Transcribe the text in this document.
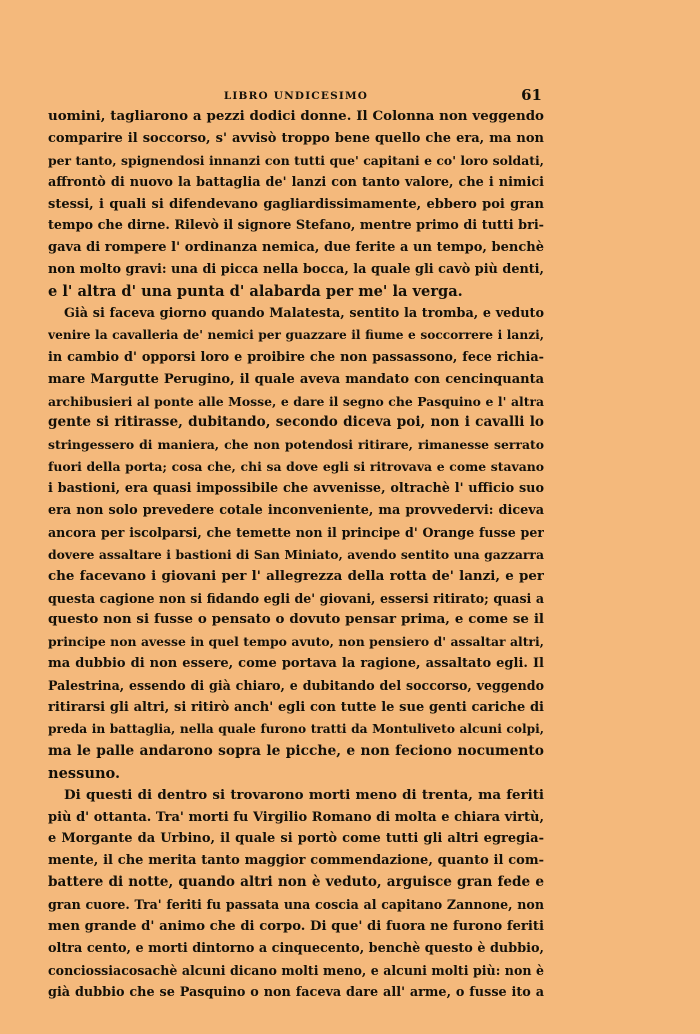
LIBRO UNDICESIMO	61
uomini, tagliarono a pezzi dodici donne. Il Colonna non veggendo
comparire il soccorso, s' avvisò troppo bene quello che era, ma non
per tanto, spignendosi innanzi con tutti que' capitani e co' loro soldati,
affrontò di nuovo la battaglia de' lanzi con tanto valore, che i nimici
stessi, i quali si difendevano gagliardissimamente, ebbero poi gran
tempo che dirne. Rilevò il signore Stefano, mentre primo di tutti bri-
gava di rompere l' ordinanza nemica, due ferite a un tempo, benchè
non molto gravi: una di picca nella bocca, la quale gli cavò più denti,
e l' altra d' una punta d' alabarda per me' la verga.
Già si faceva giorno quando Malatesta, sentito la tromba, e veduto
venire la cavalleria de' nemici per guazzare il fiume e soccorrere i lanzi,
in cambio d' opporsi loro e proibire che non passassono, fece richia-
mare Margutte Perugino, il quale aveva mandato con cencinquanta
archibusieri al ponte alle Mosse, e dare il segno che Pasquino e l' altra
gente si ritirasse, dubitando, secondo diceva poi, non i cavalli lo
stringessero di maniera, che non potendosi ritirare, rimanesse serrato
fuori della porta; cosa che, chi sa dove egli si ritrovava e come stavano
i bastioni, era quasi impossibile che avvenisse, oltrachè l' ufficio suo
era non solo prevedere cotale inconveniente, ma provvedervi: diceva
ancora per iscolparsi, che temette non il principe d' Orange fusse per
dovere assaltare i bastioni di San Miniato, avendo sentito una gazzarra
che facevano i giovani per l' allegrezza della rotta de' lanzi, e per
questa cagione non si fidando egli de' giovani, essersi ritirato; quasi a
questo non si fusse o pensato o dovuto pensar prima, e come se il
principe non avesse in quel tempo avuto, non pensiero d' assaltar altri,
ma dubbio di non essere, come portava la ragione, assaltato egli. Il
Palestrina, essendo di già chiaro, e dubitando del soccorso, veggendo
ritirarsi gli altri, si ritirò anch' egli con tutte le sue genti cariche di
preda in battaglia, nella quale furono tratti da Montuliveto alcuni colpi,
ma le palle andarono sopra le picche, e non feciono nocumento
nessuno.
Di questi di dentro si trovarono morti meno di trenta, ma feriti
più d' ottanta. Tra' morti fu Virgilio Romano di molta e chiara virtù,
e Morgante da Urbino, il quale si portò come tutti gli altri egregia-
mente, il che merita tanto maggior commendazione, quanto il com-
battere di notte, quando altri non è veduto, arguisce gran fede e
gran cuore. Tra' feriti fu passata una coscia al capitano Zannone, non
men grande d' animo che di corpo. Di que' di fuora ne furono feriti
oltra cento, e morti dintorno a cinquecento, benchè questo è dubbio,
conciossiacosachè alcuni dicano molti meno, e alcuni molti più: non è
già dubbio che se Pasquino o non faceva dare all' arme, o fusse ito a
